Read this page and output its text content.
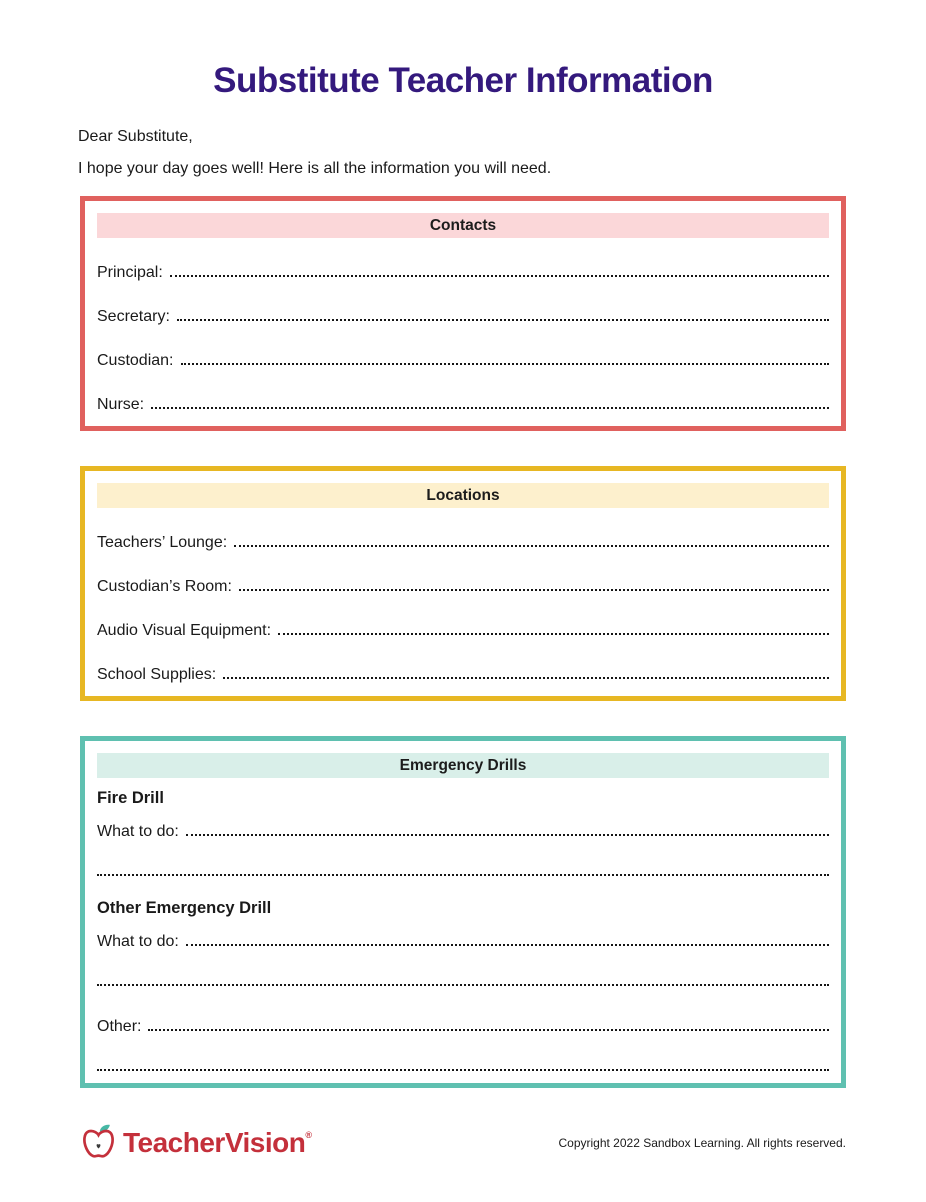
Substitute Teacher Information

Dear Substitute,

I hope your day goes well! Here is all the information you will need.

Contacts
Principal:
Secretary:
Custodian:
Nurse:
Locations
Teachers’ Lounge:
Custodian’s Room:
Audio Visual Equipment:
School Supplies:
Emergency Drills
Fire Drill
What to do:
Other Emergency Drill
What to do:
Other:
TeacherVision®
Copyright 2022 Sandbox Learning. All rights reserved.
